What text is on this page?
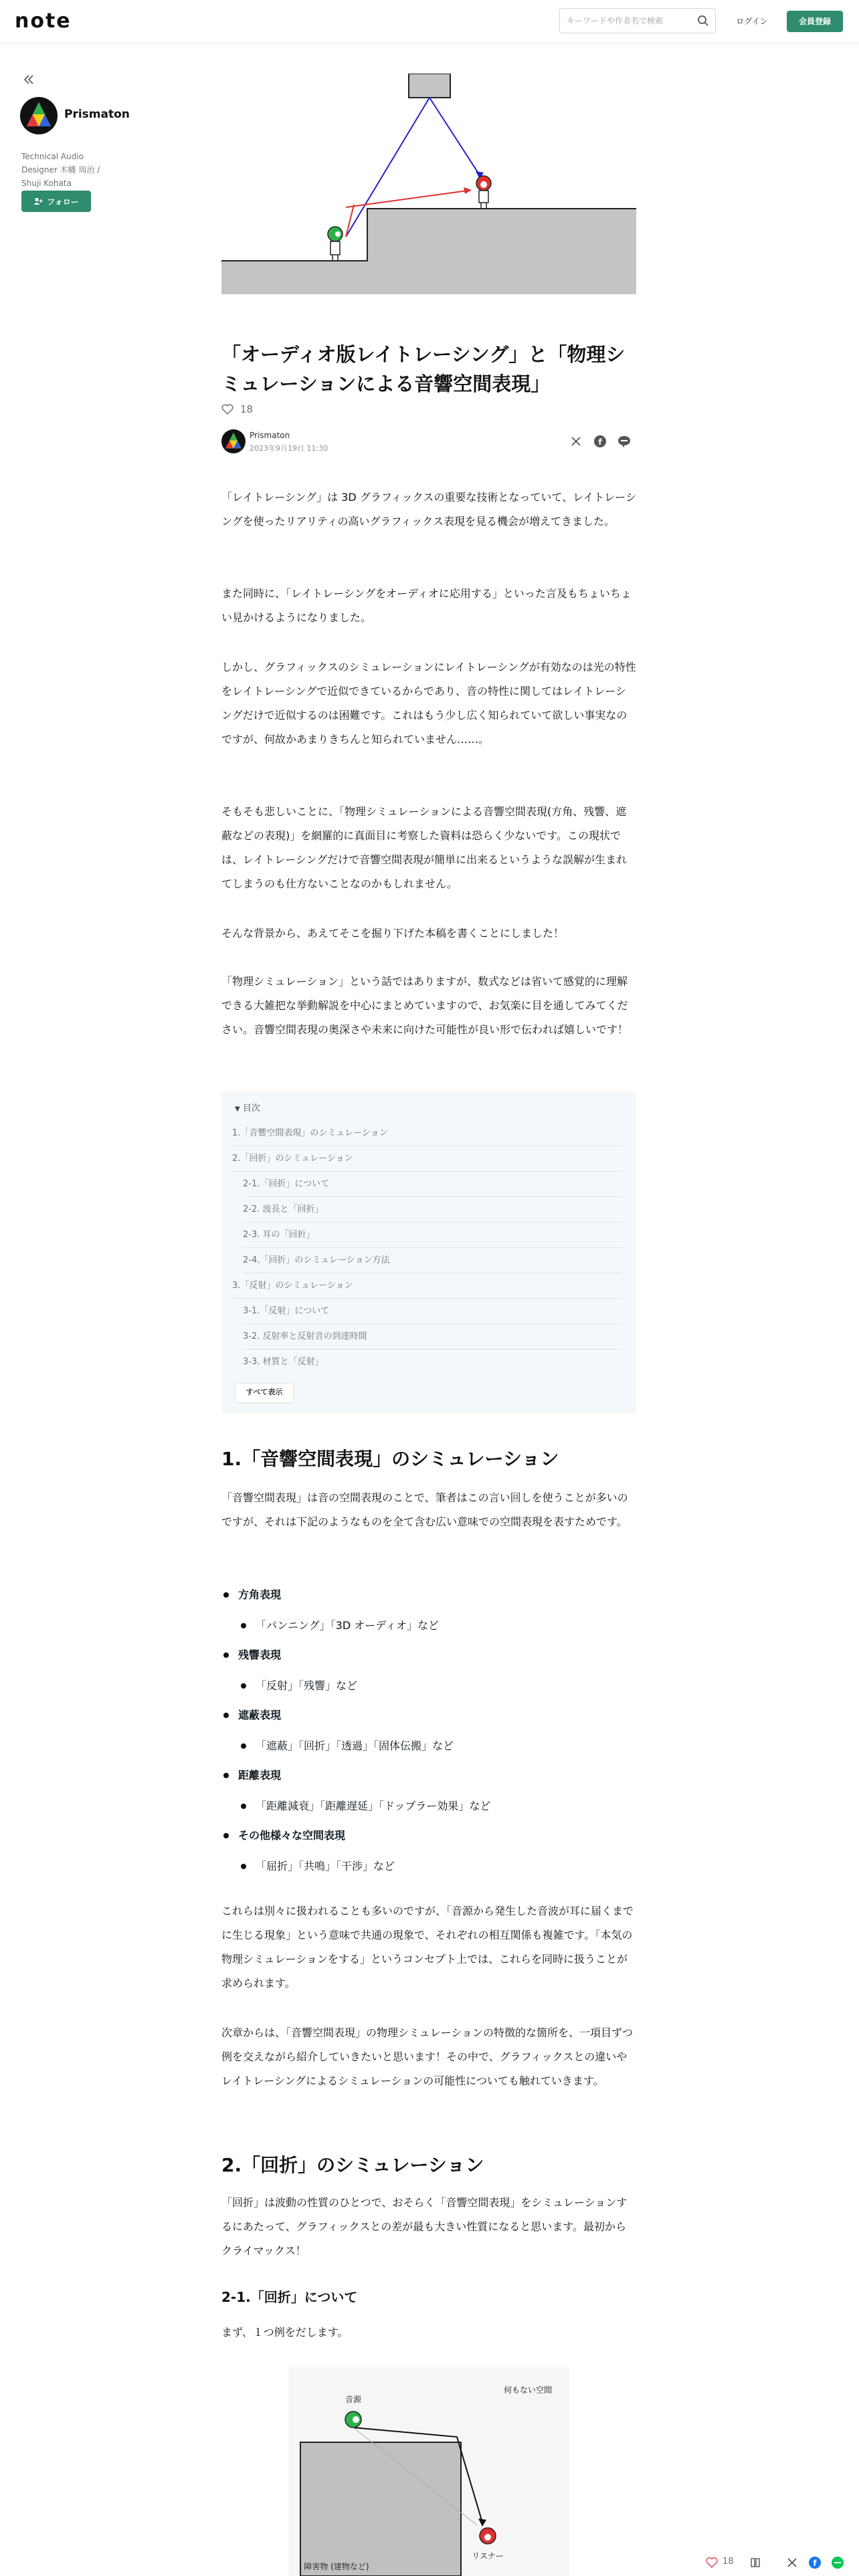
note
キーワードや作者名で検索	ログイン	会員登録
Prismaton
Technical Audio Designer 木幡 周治 / Shuji Kohata
フォロー
「オーディオ版レイトレーシング」と「物理シミュレーションによる音響空間表現」
18
Prismaton
2023年9月19日 11:30
f

「レイトレーシング」は 3D グラフィックスの重要な技術となっていて、レイトレーシングを使ったリアリティの高いグラフィックス表現を見る機会が増えてきました。

また同時に、「レイトレーシングをオーディオに応用する」といった言及もちょいちょい見かけるようになりました。

しかし、グラフィックスのシミュレーションにレイトレーシングが有効なのは光の特性をレイトレーシングで近似できているからであり、音の特性に関してはレイトレーシングだけで近似するのは困難です。これはもう少し広く知られていて欲しい事実なのですが、何故かあまりきちんと知られていません……。

そもそも悲しいことに、「物理シミュレーションによる音響空間表現(方角、残響、遮蔽などの表現)」を網羅的に真面目に考察した資料は恐らく少ないです。この現状では、レイトレーシングだけで音響空間表現が簡単に出来るというような誤解が生まれてしまうのも仕方ないことなのかもしれません。

そんな背景から、あえてそこを掘り下げた本稿を書くことにしました！

「物理シミュレーション」という話ではありますが、数式などは省いて感覚的に理解できる大雑把な挙動解説を中心にまとめていますので、お気楽に目を通してみてください。音響空間表現の奥深さや未来に向けた可能性が良い形で伝われば嬉しいです！

▼ 目次
1.「音響空間表現」のシミュレーション
2.「回折」のシミュレーション
2-1.「回折」について
2-2. 波長と「回折」
2-3. 耳の「回折」
2-4.「回折」のシミュレーション方法
3.「反射」のシミュレーション
3-1.「反射」について
3-2. 反射率と反射音の到達時間
3-3. 材質と「反射」
すべて表示
1.「音響空間表現」のシミュレーション

「音響空間表現」は音の空間表現のことで、筆者はこの言い回しを使うことが多いのですが、それは下記のようなものを全て含む広い意味での空間表現を表すためです。

方角表現
「パンニング」「3D オーディオ」など
残響表現
「反射」「残響」など
遮蔽表現
「遮蔽」「回折」「透過」「固体伝搬」など
距離表現
「距離減衰」「距離遅延」「ドップラー効果」など
その他様々な空間表現
「屈折」「共鳴」「干渉」など

これらは別々に扱われることも多いのですが、「音源から発生した音波が耳に届くまでに生じる現象」という意味で共通の現象で、それぞれの相互関係も複雑です。「本気の物理シミュレーションをする」というコンセプト上では、これらを同時に扱うことが求められます。

次章からは、「音響空間表現」の物理シミュレーションの特徴的な箇所を、一項目ずつ例を交えながら紹介していきたいと思います！その中で、グラフィックスとの違いやレイトレーシングによるシミュレーションの可能性についても触れていきます。

2.「回折」のシミュレーション

「回折」は波動の性質のひとつで、おそらく「音響空間表現」をシミュレーションするにあたって、グラフィックスとの差が最も大きい性質になると思います。最初からクライマックス！

2-1.「回折」について

まず、１つ例をだします。

何もない空間
音源
障害物 (建物など)
リスナー
18	f
